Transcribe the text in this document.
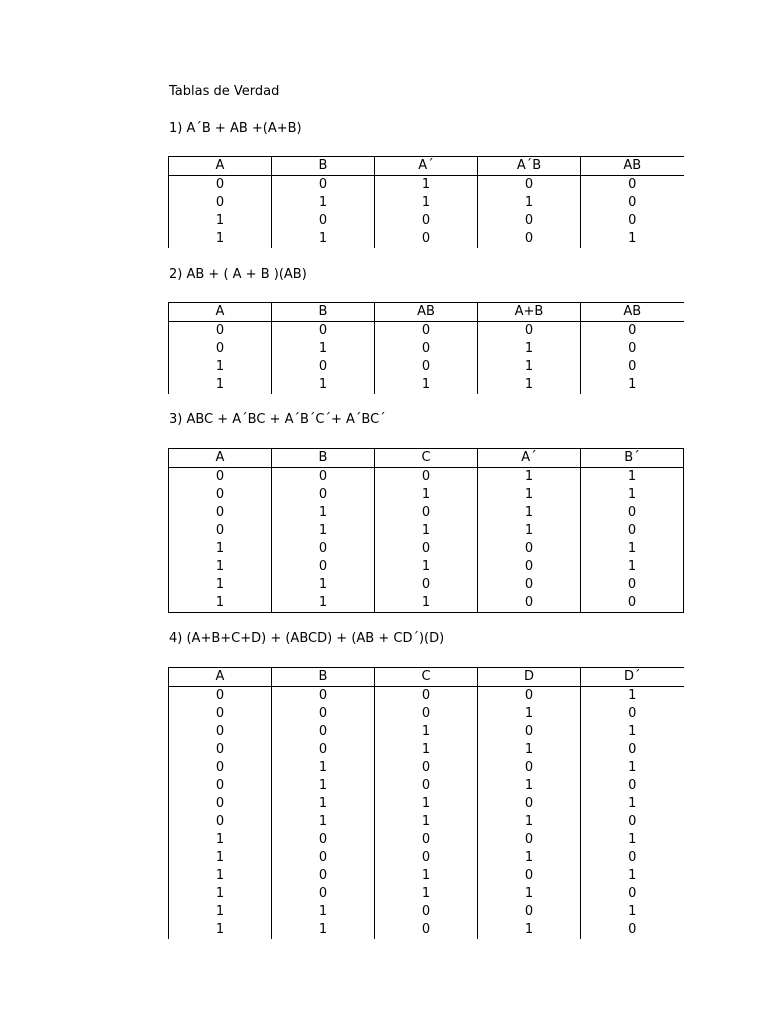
Tablas de Verdad
1) A´B + AB +(A+B)
A	B	A´	A´B	AB
0	0	1	0	0
0	1	1	1	0
1	0	0	0	0
1	1	0	0	1
2) AB + ( A + B )(AB)
A	B	AB	A+B	AB
0	0	0	0	0
0	1	0	1	0
1	0	0	1	0
1	1	1	1	1
3) ABC + A´BC + A´B´C´+ A´BC´
A	B	C	A´	B´
0	0	0	1	1
0	0	1	1	1
0	1	0	1	0
0	1	1	1	0
1	0	0	0	1
1	0	1	0	1
1	1	0	0	0
1	1	1	0	0
4) (A+B+C+D) + (ABCD) + (AB + CD´)(D)
A	B	C	D	D´
0	0	0	0	1
0	0	0	1	0
0	0	1	0	1
0	0	1	1	0
0	1	0	0	1
0	1	0	1	0
0	1	1	0	1
0	1	1	1	0
1	0	0	0	1
1	0	0	1	0
1	0	1	0	1
1	0	1	1	0
1	1	0	0	1
1	1	0	1	0
